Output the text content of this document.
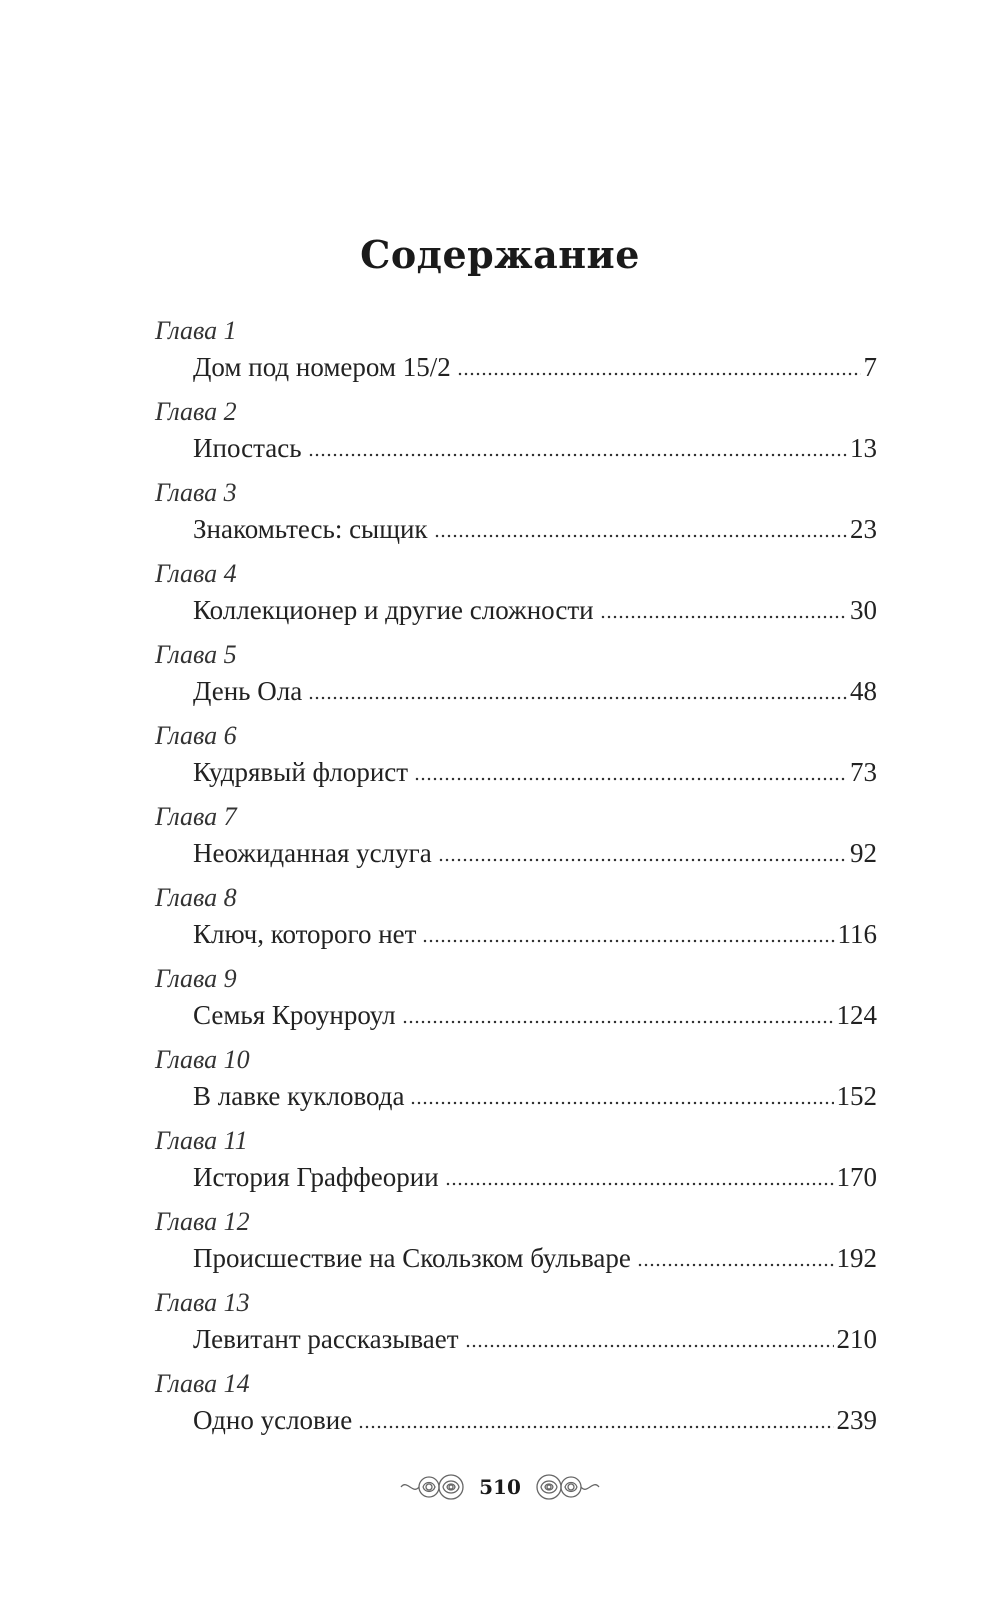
Содержание
Глава 1
Дом под номером 15/2	7
Глава 2
Ипостась	13
Глава 3
Знакомьтесь: сыщик	23
Глава 4
Коллекционер и другие сложности	30
Глава 5
День Ола	48
Глава 6
Кудрявый флорист	73
Глава 7
Неожиданная услуга	92
Глава 8
Ключ, которого нет	116
Глава 9
Семья Кроунроул	124
Глава 10
В лавке кукловода	152
Глава 11
История Граффеории	170
Глава 12
Происшествие на Скользком бульваре	192
Глава 13
Левитант рассказывает	210
Глава 14
Одно условие	239
510
